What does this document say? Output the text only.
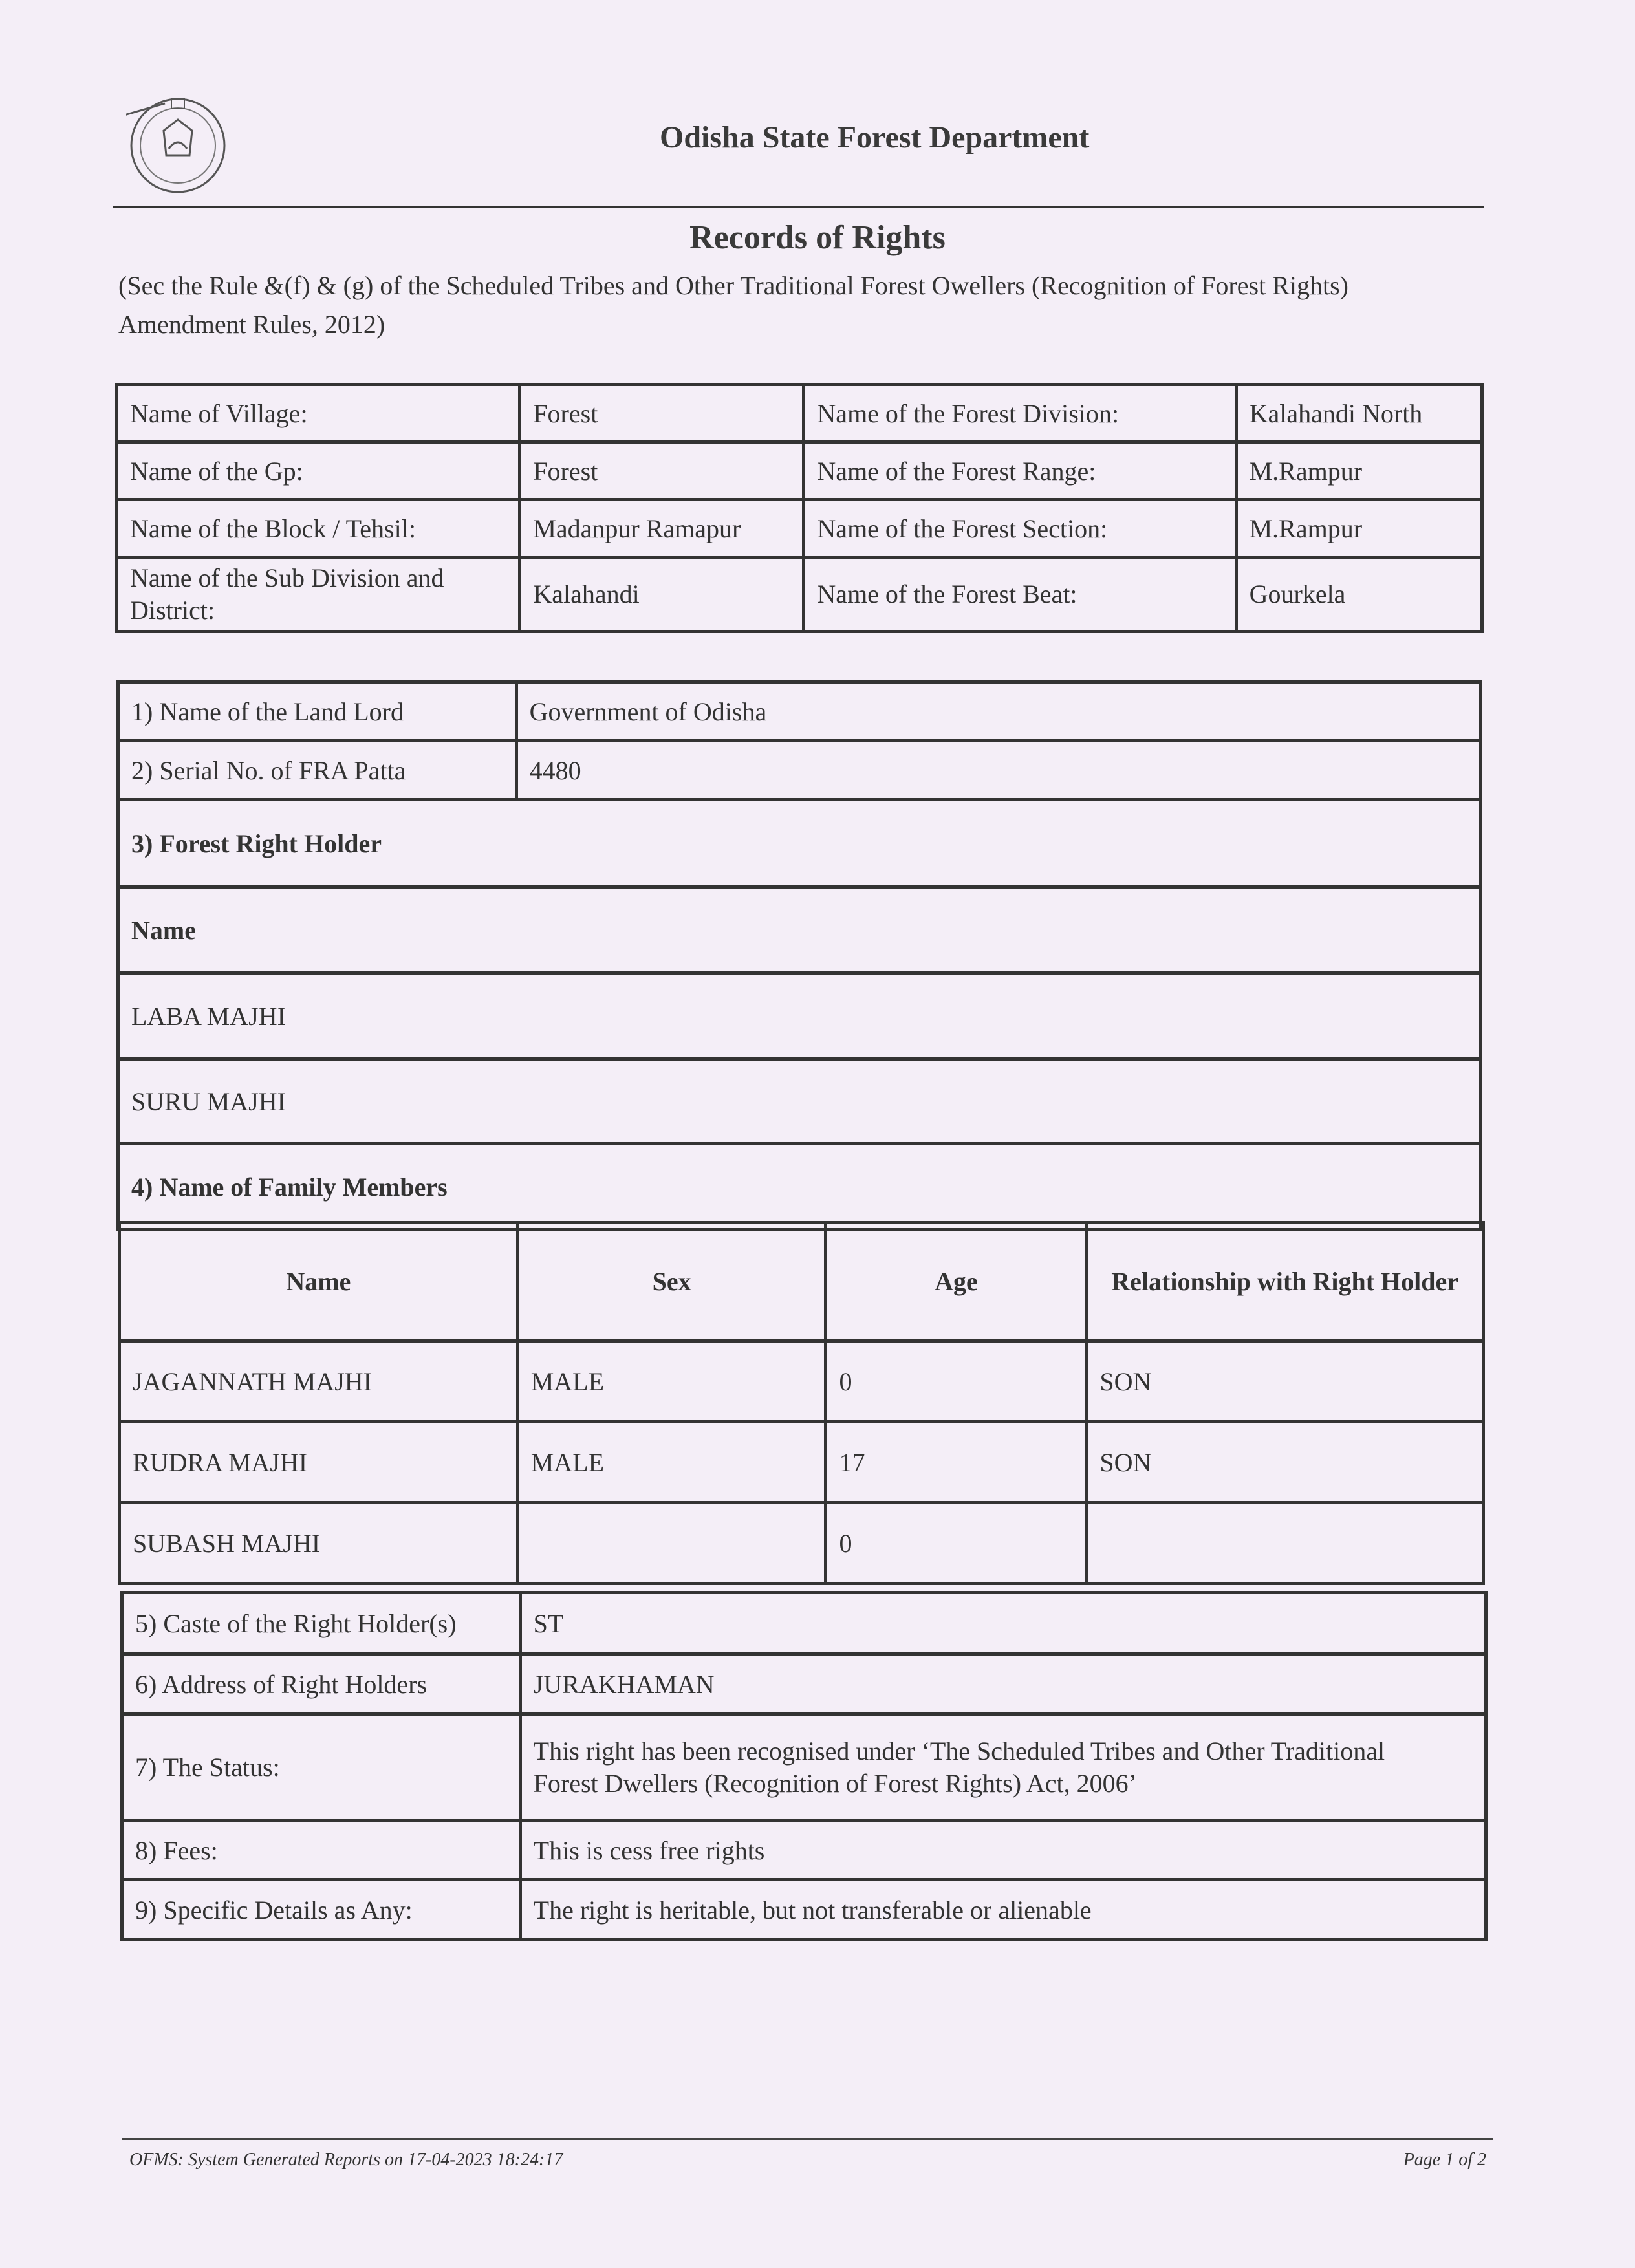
Odisha State Forest Department
Records of Rights
(Sec the Rule &(f) & (g) of the Scheduled Tribes and Other Traditional Forest Owellers (Recognition of Forest Rights) Amendment Rules, 2012)
Name of Village:	Forest	Name of the Forest Division:	Kalahandi North
Name of the Gp:	Forest	Name of the Forest Range:	M.Rampur
Name of the Block / Tehsil:	Madanpur Ramapur	Name of the Forest Section:	M.Rampur
Name of the Sub Division and District:	Kalahandi	Name of the Forest Beat:	Gourkela
1) Name of the Land Lord	Government of Odisha
2) Serial No. of FRA Patta	4480
3) Forest Right Holder	
Name	
LABA MAJHI	
SURU MAJHI	
4) Name of Family Members	
Name	Sex	Age	Relationship with Right Holder
JAGANNATH MAJHI	MALE	0	SON
RUDRA MAJHI	MALE	17	SON
SUBASH MAJHI		0	
5) Caste of the Right Holder(s)	ST
6) Address of Right Holders	JURAKHAMAN
7) The Status:	This right has been recognised under ‘The Scheduled Tribes and Other Traditional
Forest Dwellers (Recognition of Forest Rights) Act, 2006’

8) Fees:	This is cess free rights
9) Specific Details as Any:	The right is heritable, but not transferable or alienable
OFMS: System Generated Reports on 17-04-2023 18:24:17	Page 1 of 2
